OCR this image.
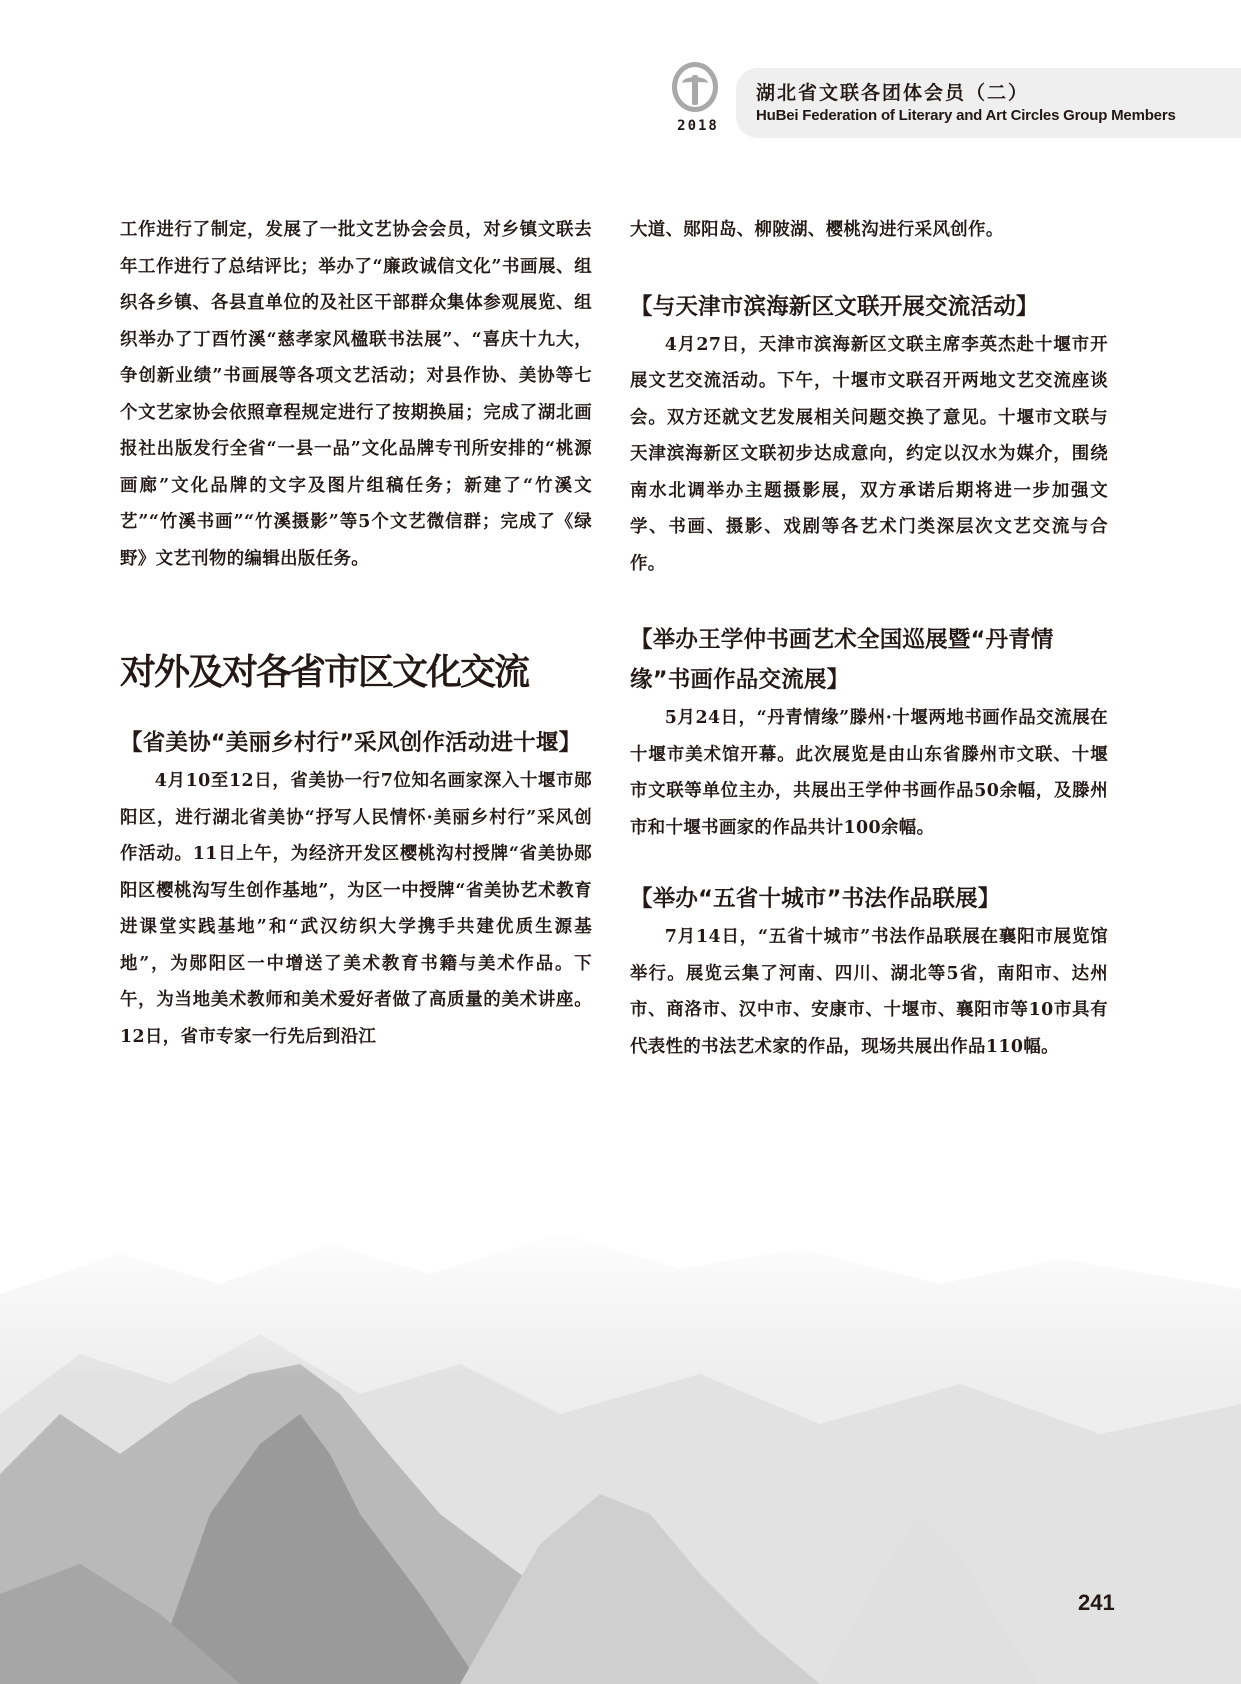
2018
湖北省文联各团体会员（二）
HuBei Federation of Literary and Art Circles Group Members

工作进行了制定，发展了一批文艺协会会员，对乡镇文联去年工作进行了总结评比；举办了“廉政诚信文化”书画展、组织各乡镇、各县直单位的及社区干部群众集体参观展览、组织举办了丁酉竹溪“慈孝家风楹联书法展”、“喜庆十九大，争创新业绩”书画展等各项文艺活动；对县作协、美协等七个文艺家协会依照章程规定进行了按期换届；完成了湖北画报社出版发行全省“一县一品”文化品牌专刊所安排的“桃源画廊”文化品牌的文字及图片组稿任务；新建了“竹溪文艺”“竹溪书画”“竹溪摄影”等5个文艺微信群；完成了《绿野》文艺刊物的编辑出版任务。

对外及对各省市区文化交流
【省美协“美丽乡村行”采风创作活动进十堰】

4月10至12日，省美协一行7位知名画家深入十堰市郧阳区，进行湖北省美协“抒写人民情怀·美丽乡村行”采风创作活动。11日上午，为经济开发区樱桃沟村授牌“省美协郧阳区樱桃沟写生创作基地”，为区一中授牌“省美协艺术教育进课堂实践基地”和“武汉纺织大学携手共建优质生源基地”，为郧阳区一中增送了美术教育书籍与美术作品。下午，为当地美术教师和美术爱好者做了高质量的美术讲座。12日，省市专家一行先后到沿江

大道、郧阳岛、柳陂湖、樱桃沟进行采风创作。

【与天津市滨海新区文联开展交流活动】

4月27日，天津市滨海新区文联主席李英杰赴十堰市开展文艺交流活动。下午，十堰市文联召开两地文艺交流座谈会。双方还就文艺发展相关问题交换了意见。十堰市文联与天津滨海新区文联初步达成意向，约定以汉水为媒介，围绕南水北调举办主题摄影展，双方承诺后期将进一步加强文学、书画、摄影、戏剧等各艺术门类深层次文艺交流与合作。

【举办王学仲书画艺术全国巡展暨“丹青情缘”书画作品交流展】

5月24日，“丹青情缘”滕州·十堰两地书画作品交流展在十堰市美术馆开幕。此次展览是由山东省滕州市文联、十堰市文联等单位主办，共展出王学仲书画作品50余幅，及滕州市和十堰书画家的作品共计100余幅。

【举办“五省十城市”书法作品联展】

7月14日，“五省十城市”书法作品联展在襄阳市展览馆举行。展览云集了河南、四川、湖北等5省，南阳市、达州市、商洛市、汉中市、安康市、十堰市、襄阳市等10市具有代表性的书法艺术家的作品，现场共展出作品110幅。

241
